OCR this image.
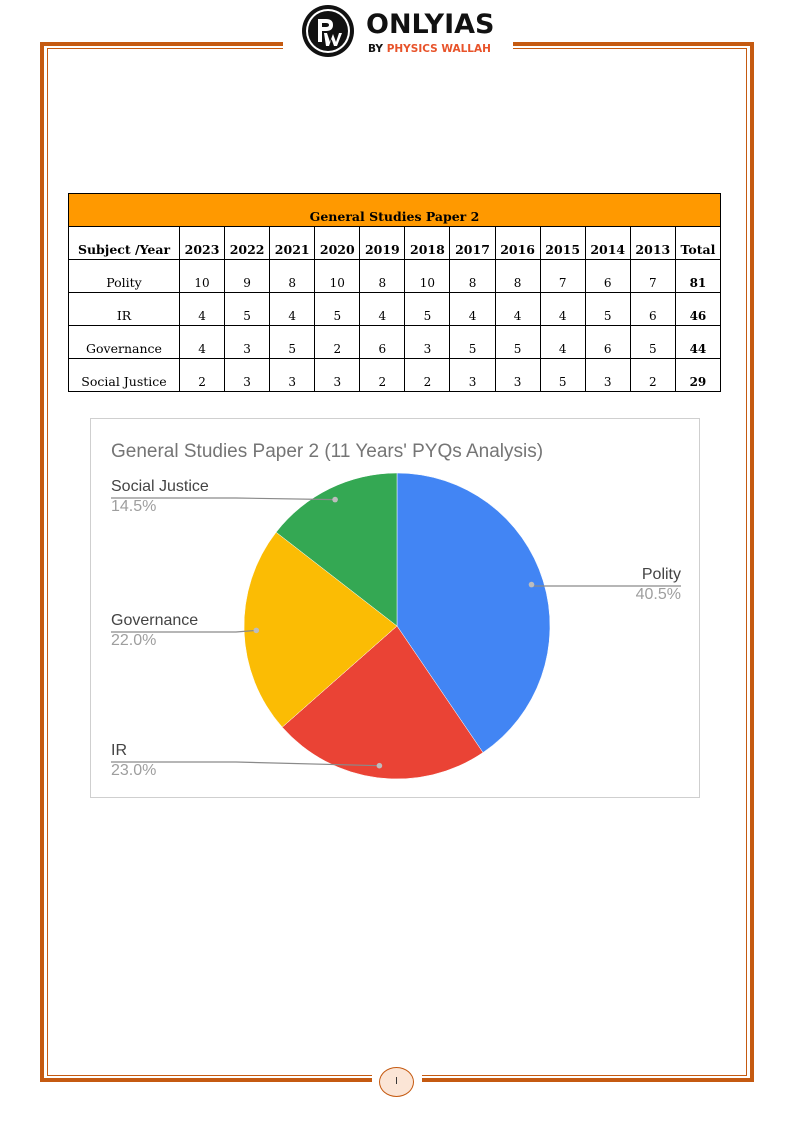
ONLYIAS
BY PHYSICS WALLAH
General Studies Paper 2												
Subject /Year	2023	2022	2021	2020	2019	2018	2017	2016	2015	2014	2013	Total
Polity	10	9	8	10	8	10	8	8	7	6	7	81
IR	4	5	4	5	4	5	4	4	4	5	6	46
Governance	4	3	5	2	6	3	5	5	4	6	5	44
Social Justice	2	3	3	3	2	2	3	3	5	3	2	29
General Studies Paper 2 (11 Years' PYQs Analysis)
Polity
40.5%
IR
23.0%
Governance
22.0%
Social Justice
14.5%
I
